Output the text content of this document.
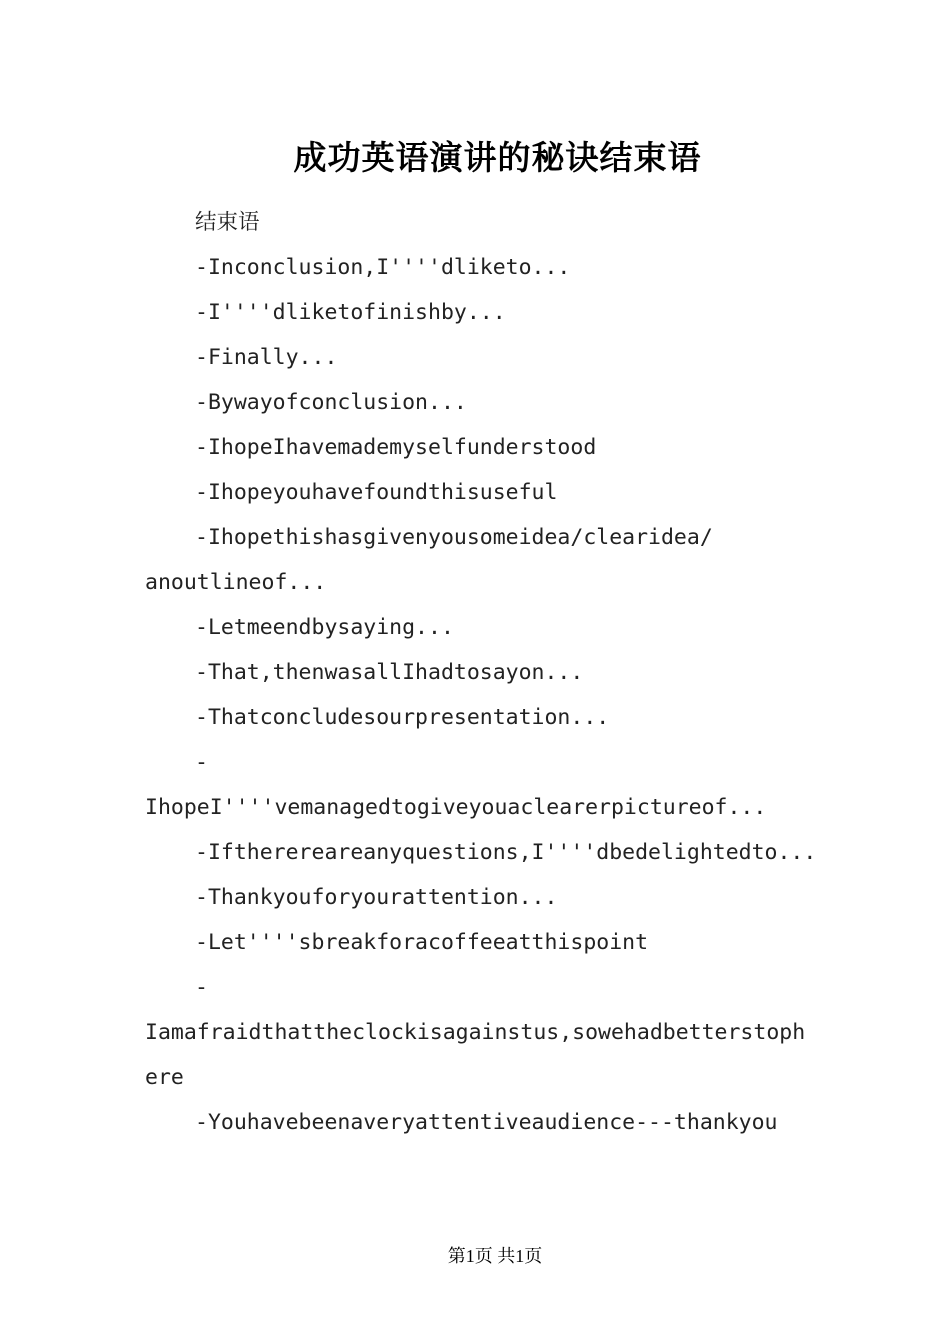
成功英语演讲的秘诀结束语
结束语
-Inconclusion,I''''dliketo...
-I''''dliketofinishby...
-Finally...
-Bywayofconclusion...
-IhopeIhavemademyselfunderstood
-Ihopeyouhavefoundthisuseful
-Ihopethishasgivenyousomeidea/clearidea/
anoutlineof...
-Letmeendbysaying...
-That,thenwasallIhadtosayon...
-Thatconcludesourpresentation...
-
IhopeI''''vemanagedtogiveyouaclearerpictureof...
-Iftherereareanyquestions,I''''dbedelightedto...
-Thankyouforyourattention...
-Let''''sbreakforacoffeeatthispoint
-
Iamafraidthattheclockisagainstus,sowehadbetterstoph
ere
-Youhavebeenaveryattentiveaudience---thankyou
第1页 共1页
